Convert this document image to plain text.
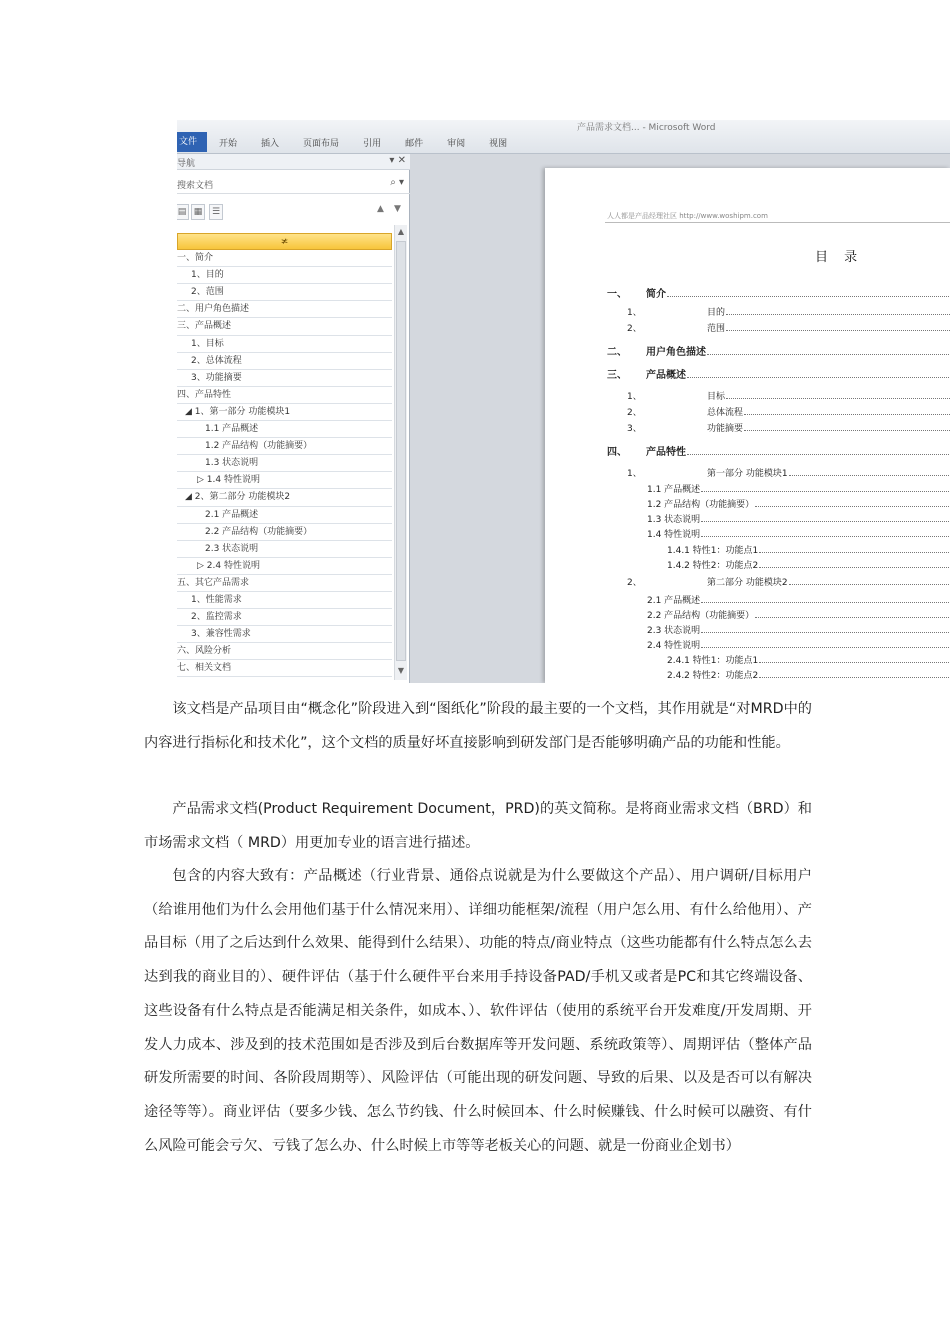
产品需求文档... - Microsoft Word
文件	开始	插入	页面布局	引用	邮件	审阅	视图
导航	▾ ✕
搜索文档	⌕ ▾
▤ ▦	☰	▲ ▼
≭
一、简介
1、目的
2、范围
二、用户角色描述
三、产品概述
1、目标
2、总体流程
3、功能摘要
四、产品特性
◢ 1、第一部分 功能模块1
1.1 产品概述
1.2 产品结构（功能摘要）
1.3 状态说明
▷ 1.4 特性说明
◢ 2、第二部分 功能模块2
2.1 产品概述
2.2 产品结构（功能摘要）
2.3 状态说明
▷ 2.4 特性说明
五、其它产品需求
1、性能需求
2、监控需求
3、兼容性需求
六、风险分析
七、相关文档
▲
▼
人人都是产品经理社区 http://www.woshipm.com
目 录
一、 简介
1、	目的
2、	范围
二、 用户角色描述
三、 产品概述
1、	目标
2、	总体流程
3、	功能摘要
四、 产品特性
1、	第一部分 功能模块1
1.1 产品概述
1.2 产品结构（功能摘要）
1.3 状态说明
1.4 特性说明
1.4.1 特性1：功能点1
1.4.2 特性2：功能点2
2、	第二部分 功能模块2
2.1 产品概述
2.2 产品结构（功能摘要）
2.3 状态说明
2.4 特性说明
2.4.1 特性1：功能点1
2.4.2 特性2：功能点2
该文档是产品项目由“概念化”阶段进入到“图纸化”阶段的最主要的一个文档，其作用就是“对MRD中的内容进行指标化和技术化”，这个文档的质量好坏直接影响到研发部门是否能够明确产品的功能和性能。
产品需求文档(Product Requirement Document，PRD)的英文简称。是将商业需求文档（BRD）和市场需求文档（ MRD）用更加专业的语言进行描述。
包含的内容大致有：产品概述（行业背景、通俗点说就是为什么要做这个产品）、用户调研/目标用户（给谁用他们为什么会用他们基于什么情况来用）、详细功能框架/流程（用户怎么用、有什么给他用）、产品目标（用了之后达到什么效果、能得到什么结果）、功能的特点/商业特点（这些功能都有什么特点怎么去达到我的商业目的）、硬件评估（基于什么硬件平台来用手持设备PAD/手机又或者是PC和其它终端设备、这些设备有什么特点是否能满足相关条件，如成本、）、软件评估（使用的系统平台开发难度/开发周期、开发人力成本、涉及到的技术范围如是否涉及到后台数据库等开发问题、系统政策等）、周期评估（整体产品研发所需要的时间、各阶段周期等）、风险评估（可能出现的研发问题、导致的后果、以及是否可以有解决途径等等）。商业评估（要多少钱、怎么节约钱、什么时候回本、什么时候赚钱、什么时候可以融资、有什么风险可能会亏欠、亏钱了怎么办、什么时候上市等等老板关心的问题、就是一份商业企划书）
